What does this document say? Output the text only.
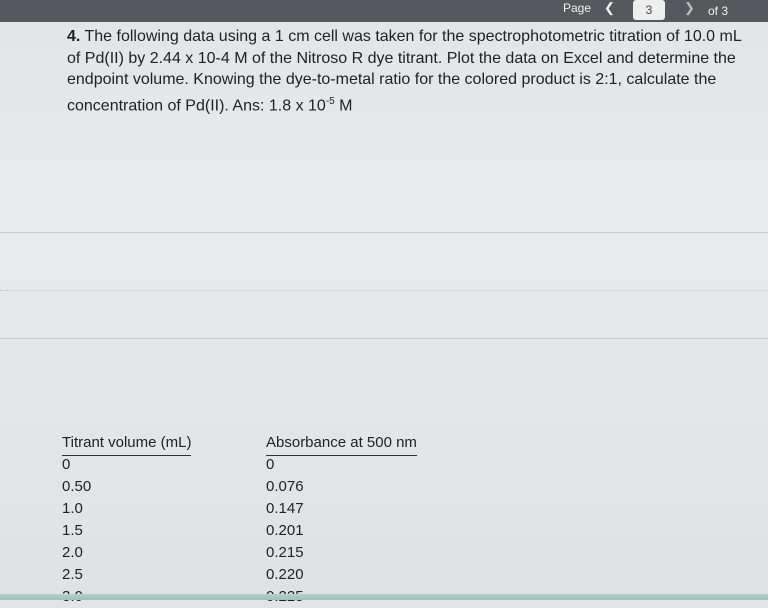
Page ❮	3	❯ of 3
4. The following data using a 1 cm cell was taken for the spectrophotometric titration of 10.0 mL of Pd(II) by 2.44 x 10-4 M of the Nitroso R dye titrant. Plot the data on Excel and determine the endpoint volume. Knowing the dye-to-metal ratio for the colored product is 2:1, calculate the concentration of Pd(II). Ans: 1.8 x $10^{-5}$ M
Titrant volume (mL)
0
0.50
1.0
1.5
2.0
2.5
Absorbance at 500 nm
0
0.076
0.147
0.201
0.215
0.220
